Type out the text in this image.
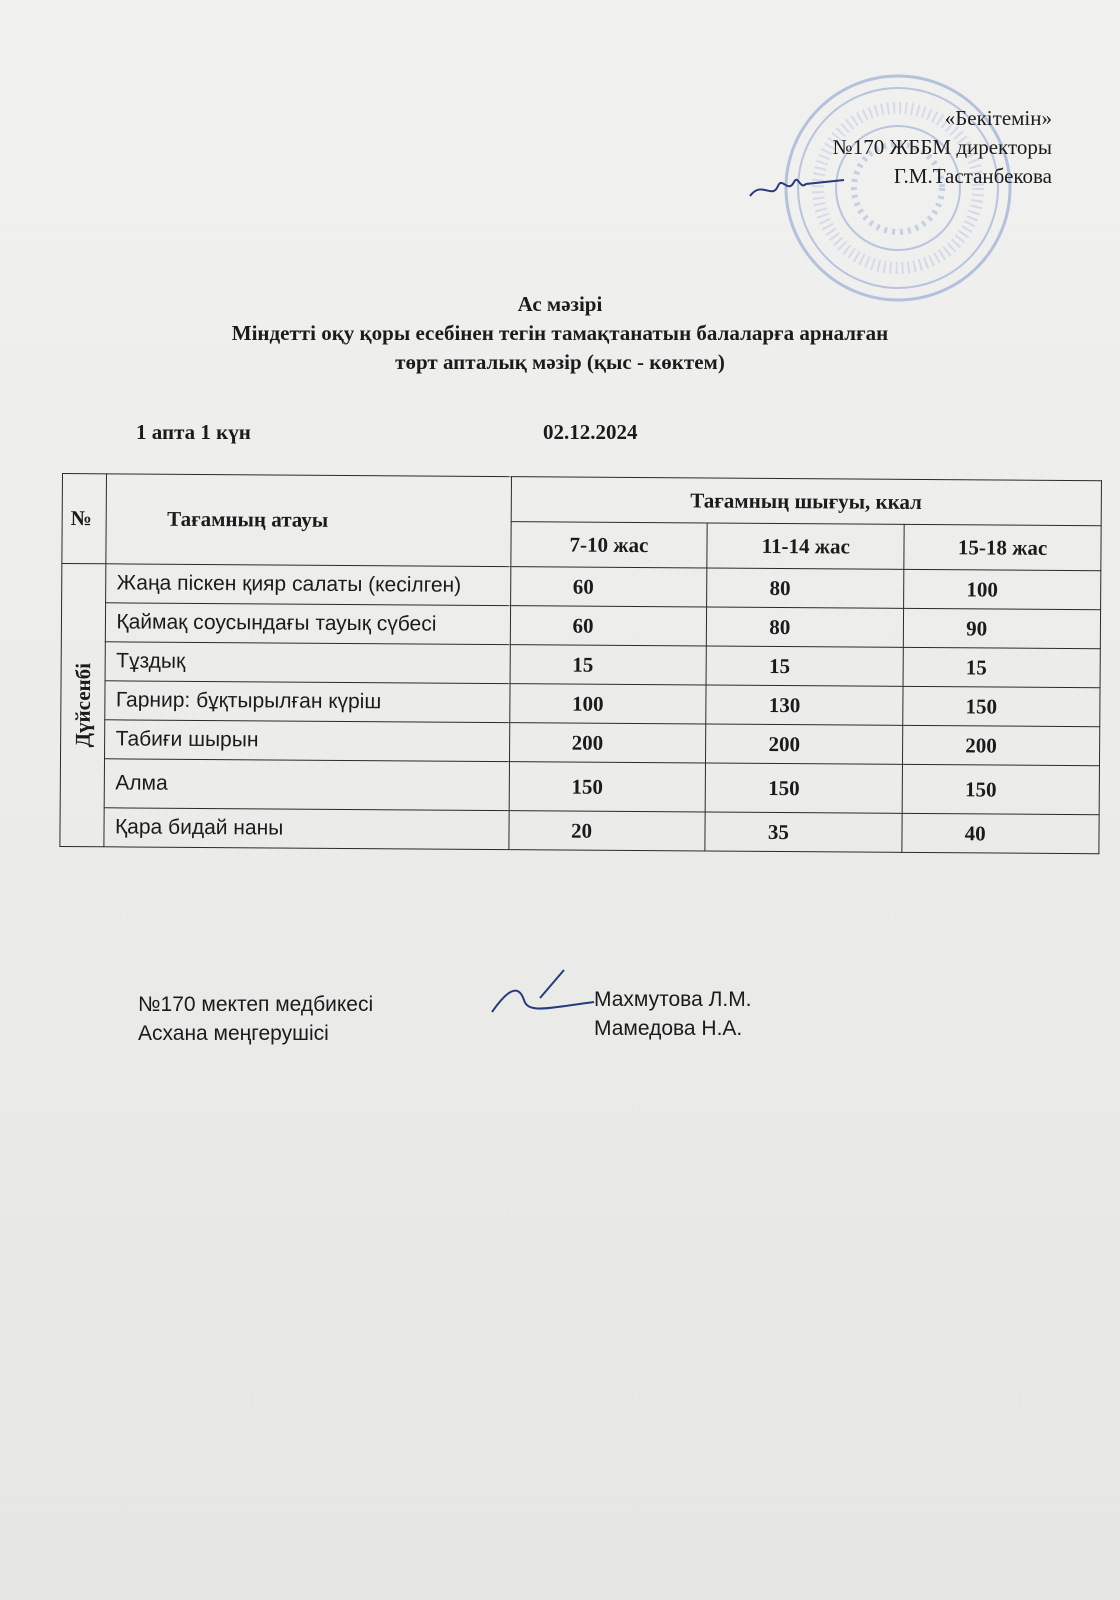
«Бекітемін»
№170 ЖББМ директоры
Г.М.Тастанбекова
Ас мәзірі
Міндетті оқу қоры есебінен тегін тамақтанатын балаларға арналған
төрт апталық мәзір (қыс - көктем)
1 апта 1 күн	02.12.2024
№	Тағамның атауы	Тағамның шығуы, ккал		
		7-10 жас	11-14 жас	15-18 жас

Дүйсенбі	Жаңа піскен қияр салаты (кесілген)	60	80	100
	Қаймақ соусындағы тауық сүбесі	60	80	90
	Тұздық	15	15	15
	Гарнир: бұқтырылған күріш	100	130	150
	Табиғи шырын	200	200	200
	Алма	150	150	150
	Қара бидай наны	20	35	40
№170 мектеп медбикесі
Асхана меңгерушісі
Махмутова Л.М.
Мамедова Н.А.
